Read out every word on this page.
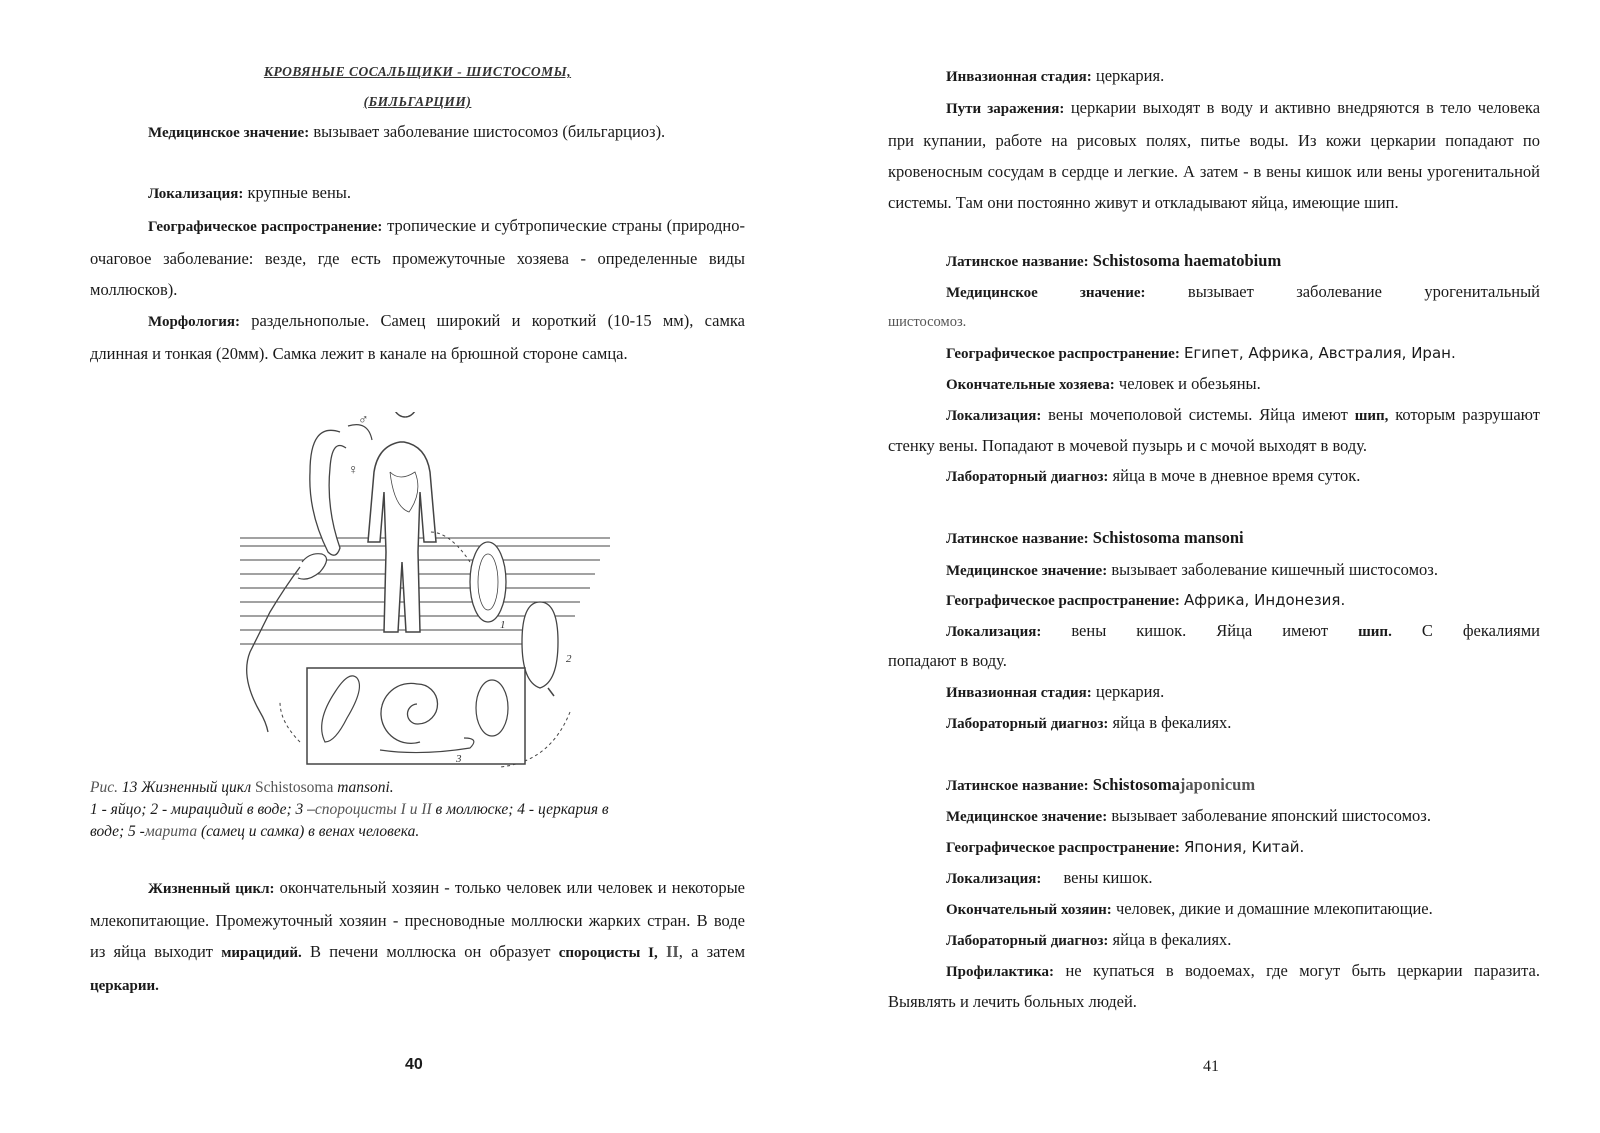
КРОВЯНЫЕ СОСАЛЬЩИКИ - ШИСТОСОМЫ,
(БИЛЬГАРЦИИ)
Медицинское значение: вызывает заболевание шистосомоз (бильгарциоз).
Локализация: крупные вены.
Географическое распространение: тропические и субтропические страны (природно-очаговое заболевание: везде, где есть промежуточные хозяева - определенные виды моллюсков).
Морфология: раздельнополые. Самец широкий и короткий (10-15 мм), самка длинная и тонкая (20мм). Самка лежит в канале на брюшной стороне самца.
♂
♀
1
2
3
Рис. 13 Жизненный цикл Schistosoma mansoni.
1 - яйцо; 2 - мирацидий в воде; 3 –спороцисты I и II в моллюске; 4 - церкария в
воде; 5 -марита (самец и самка) в венах человека.
Жизненный цикл: окончательный хозяин - только человек или человек и некоторые млекопитающие. Промежуточный хозяин - пресноводные моллюски жарких стран. В воде из яйца выходит мирацидий. В печени моллюска он образует спороцисты I, II, а затем церкарии.
40
Инвазионная стадия: церкария.
Пути заражения: церкарии выходят в воду и активно внедряются в тело человека при купании, работе на рисовых полях, питье воды. Из кожи церкарии попадают по кровеносным сосудам в сердце и легкие. А затем - в вены кишок или вены урогенитальной системы. Там они постоянно живут и откладывают яйца, имеющие шип.
Латинское название: Schistosoma haematobium
Медицинское значение:	вызывает заболевание урогенитальный
шистосомоз.
Географическое распространение: Египет, Африка, Австралия, Иран.
Окончательные хозяева: человек и обезьяны.
Локализация: вены мочеполовой системы. Яйца имеют шип, которым разрушают стенку вены. Попадают в мочевой пузырь и с мочой выходят в воду.
Лабораторный диагноз: яйца в моче в дневное время суток.
Латинское название: Schistosoma mansoni
Медицинское значение: вызывает заболевание кишечный шистосомоз.
Географическое распространение: Африка, Индонезия.
Локализация: вены кишок. Яйца имеют шип. С фекалиями
попадают в воду.
Инвазионная стадия: церкария.
Лабораторный диагноз: яйца в фекалиях.
Латинское название: Schistosomajaponicum
Медицинское значение: вызывает заболевание японский шистосомоз.
Географическое распространение: Япония, Китай.
Локализация: вены кишок.
Окончательный хозяин: человек, дикие и домашние млекопитающие.
Лабораторный диагноз: яйца в фекалиях.
Профилактика: не купаться в водоемах, где могут быть церкарии паразита. Выявлять и лечить больных людей.
41
